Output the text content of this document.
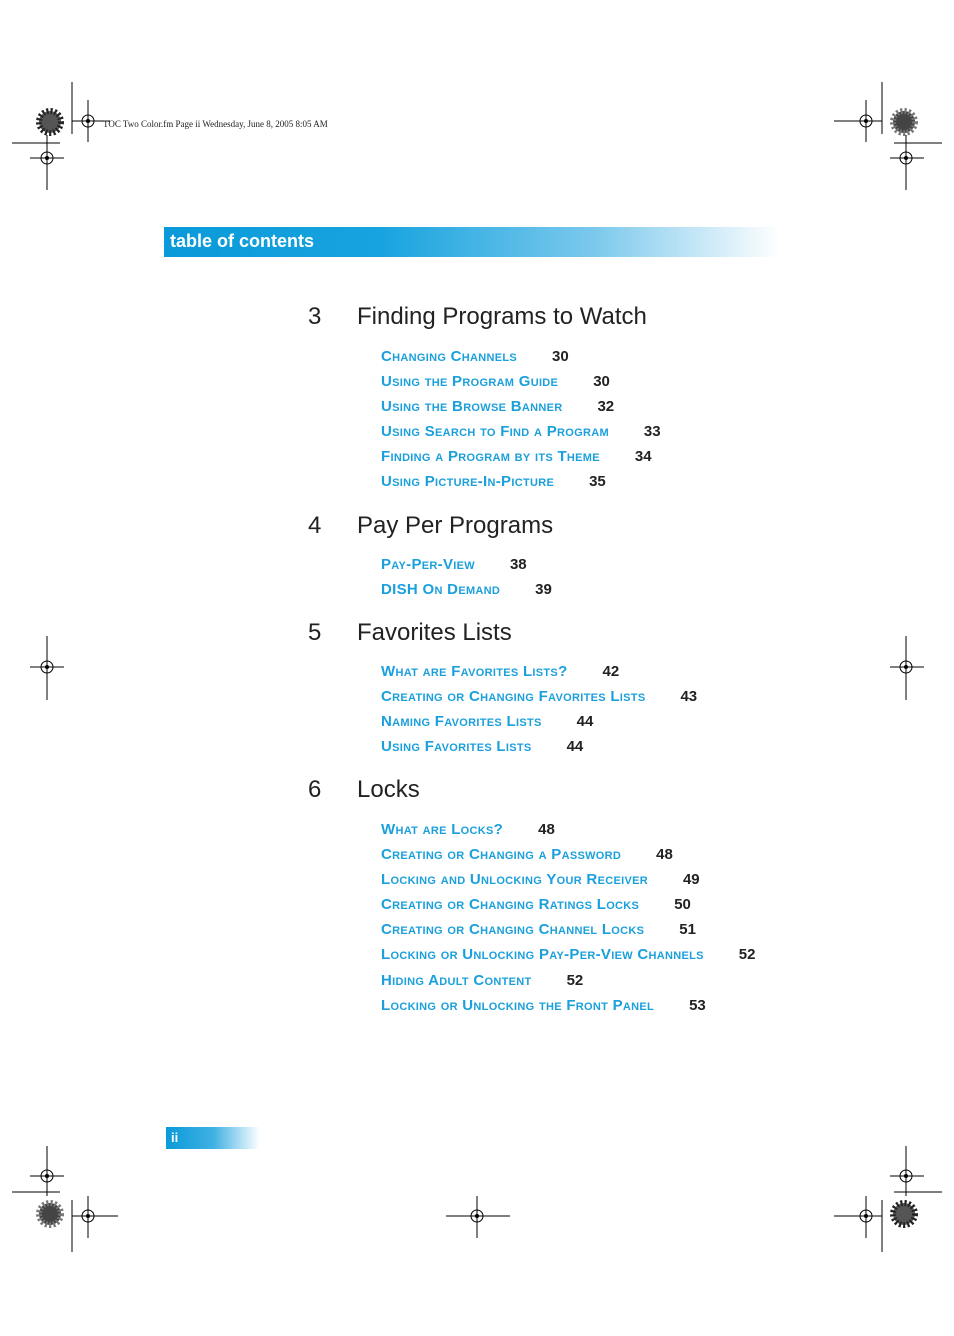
TOC Two Color.fm Page ii Wednesday, June 8, 2005 8:05 AM
table of contents
3 Finding Programs to Watch
Changing Channels 30
Using the Program Guide 30
Using the Browse Banner 32
Using Search to Find a Program 33
Finding a Program by its Theme 34
Using Picture-In-Picture 35
4 Pay Per Programs
Pay-Per-View 38
DISH On Demand 39
5 Favorites Lists
What are Favorites Lists? 42
Creating or Changing Favorites Lists 43
Naming Favorites Lists 44
Using Favorites Lists 44
6 Locks
What are Locks? 48
Creating or Changing a Password 48
Locking and Unlocking Your Receiver 49
Creating or Changing Ratings Locks 50
Creating or Changing Channel Locks 51
Locking or Unlocking Pay-Per-View Channels 52
Hiding Adult Content 52
Locking or Unlocking the Front Panel 53
ii
